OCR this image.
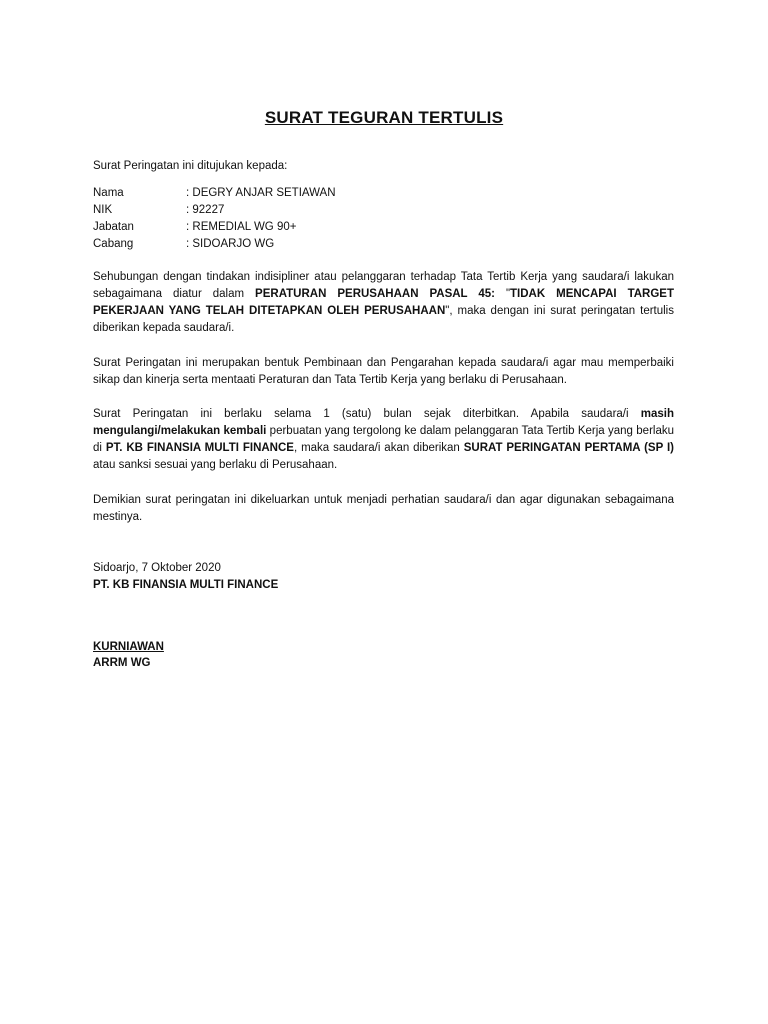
SURAT TEGURAN TERTULIS
Surat Peringatan ini ditujukan kepada:
Nama	: DEGRY ANJAR SETIAWAN
NIK	: 92227
Jabatan	: REMEDIAL WG 90+
Cabang	: SIDOARJO WG
Sehubungan dengan tindakan indisipliner atau pelanggaran terhadap Tata Tertib Kerja yang saudara/i lakukan sebagaimana diatur dalam PERATURAN PERUSAHAAN PASAL 45: "TIDAK MENCAPAI TARGET PEKERJAAN YANG TELAH DITETAPKAN OLEH PERUSAHAAN", maka dengan ini surat peringatan tertulis diberikan kepada saudara/i.
Surat Peringatan ini merupakan bentuk Pembinaan dan Pengarahan kepada saudara/i agar mau memperbaiki sikap dan kinerja serta mentaati Peraturan dan Tata Tertib Kerja yang berlaku di Perusahaan.
Surat Peringatan ini berlaku selama 1 (satu) bulan sejak diterbitkan. Apabila saudara/i masih mengulangi/melakukan kembali perbuatan yang tergolong ke dalam pelanggaran Tata Tertib Kerja yang berlaku di PT. KB FINANSIA MULTI FINANCE, maka saudara/i akan diberikan SURAT PERINGATAN PERTAMA (SP I) atau sanksi sesuai yang berlaku di Perusahaan.
Demikian surat peringatan ini dikeluarkan untuk menjadi perhatian saudara/i dan agar digunakan sebagaimana mestinya.
Sidoarjo, 7 Oktober 2020
PT. KB FINANSIA MULTI FINANCE
KURNIAWAN
ARRM WG
